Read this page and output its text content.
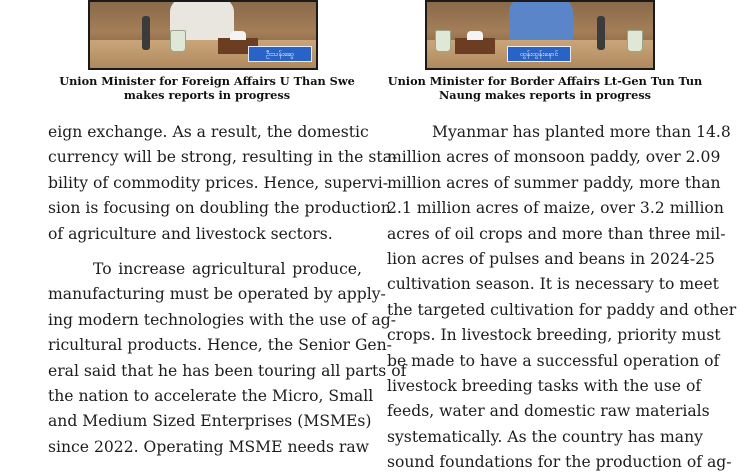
ဦးသန်းဆွေ	ထွန်းထွန်းနောင်
Union Minister for Foreign Affairs U Than Swe makes reports in progress
Union Minister for Border Affairs Lt-Gen Tun Tun Naung makes reports in progress

eign exchange. As a result, the domestic
currency will be strong, resulting in the sta-
bility of commodity prices. Hence, supervi-
sion is focusing on doubling the production
of agriculture and livestock sectors.

To increase agricultural produce,
manufacturing must be operated by apply-
ing modern technologies with the use of ag-
ricultural products. Hence, the Senior Gen-
eral said that he has been touring all parts of
the nation to accelerate the Micro, Small
and Medium Sized Enterprises (MSMEs)
since 2022. Operating MSME needs raw

Myanmar has planted more than 14.8
million acres of monsoon paddy, over 2.09
million acres of summer paddy, more than
2.1 million acres of maize, over 3.2 million
acres of oil crops and more than three mil-
lion acres of pulses and beans in 2024-25
cultivation season. It is necessary to meet
the targeted cultivation for paddy and other
crops. In livestock breeding, priority must
be made to have a successful operation of
livestock breeding tasks with the use of
feeds, water and domestic raw materials
systematically. As the country has many
sound foundations for the production of ag-
